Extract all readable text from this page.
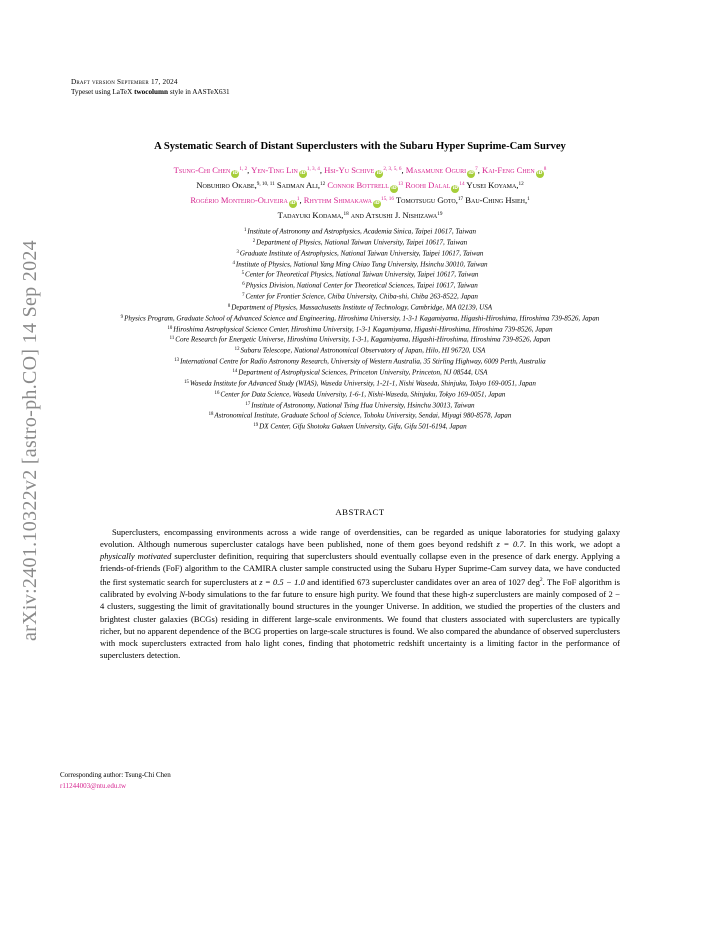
arXiv:2401.10322v2 [astro-ph.CO] 14 Sep 2024
Draft version September 17, 2024
Typeset using LaTeX twocolumn style in AASTeX631
A Systematic Search of Distant Superclusters with the Subaru Hyper Suprime-Cam Survey
Tsung-Chi Chen iD$^{1, 2}$, Yen-Ting Lin iD$^{1, 3, 4}$, Hsi-Yu Schive iD$^{2, 3, 5, 6}$, Masamune Oguri $iD^7$, Kai-Feng Chen $iD^8$
Nobuhiro Okabe,$^{9, 10, 11}$ Sadman Ali,$^{12}$ Connor Bottrell $iD^{13}$ Roohi Dalal $iD^{14}$ Yusei Koyama,$^{12}$
Rogério Monteiro-Oliveira $iD^1$, Rhythm Shimakawa iD$^{15, 16}$ Tomotsugu Goto,$^{17}$ Bau-Ching Hsieh,$^1$
Tadayuki Kodama,$^{18}$ and Atsushi J. Nishizawa$^{19}$
$^1$Institute of Astronomy and Astrophysics, Academia Sinica, Taipei 10617, Taiwan
$^2$Department of Physics, National Taiwan University, Taipei 10617, Taiwan
$^3$Graduate Institute of Astrophysics, National Taiwan University, Taipei 10617, Taiwan
$^4$Institute of Physics, National Yang Ming Chiao Tung University, Hsinchu 30010, Taiwan
$^5$Center for Theoretical Physics, National Taiwan University, Taipei 10617, Taiwan
$^6$Physics Division, National Center for Theoretical Sciences, Taipei 10617, Taiwan
$^7$Center for Frontier Science, Chiba University, Chiba-shi, Chiba 263-8522, Japan
$^8$Department of Physics, Massachusetts Institute of Technology, Cambridge, MA 02139, USA
$^9$Physics Program, Graduate School of Advanced Science and Engineering, Hiroshima University, 1-3-1 Kagamiyama, Higashi-Hiroshima, Hiroshima 739-8526, Japan
$^{10}$Hiroshima Astrophysical Science Center, Hiroshima University, 1-3-1 Kagamiyama, Higashi-Hiroshima, Hiroshima 739-8526, Japan
$^{11}$Core Research for Energetic Universe, Hiroshima University, 1-3-1, Kagamiyama, Higashi-Hiroshima, Hiroshima 739-8526, Japan
$^{12}$Subaru Telescope, National Astronomical Observatory of Japan, Hilo, HI 96720, USA
$^{13}$International Centre for Radio Astronomy Research, University of Western Australia, 35 Stirling Highway, 6009 Perth, Australia
$^{14}$Department of Astrophysical Sciences, Princeton University, Princeton, NJ 08544, USA
$^{15}$Waseda Institute for Advanced Study (WIAS), Waseda University, 1-21-1, Nishi Waseda, Shinjuku, Tokyo 169-0051, Japan
$^{16}$Center for Data Science, Waseda University, 1-6-1, Nishi-Waseda, Shinjuku, Tokyo 169-0051, Japan
$^{17}$Institute of Astronomy, National Tsing Hua University, Hsinchu 30013, Taiwan
$^{18}$Astronomical Institute, Graduate School of Science, Tohoku University, Sendai, Miyagi 980-8578, Japan
$^{19}$DX Center, Gifu Shotoku Gakuen University, Gifu, Gifu 501-6194, Japan
ABSTRACT
Superclusters, encompassing environments across a wide range of overdensities, can be regarded as unique laboratories for studying galaxy evolution. Although numerous supercluster catalogs have been published, none of them goes beyond redshift z = 0.7. In this work, we adopt a physically motivated supercluster definition, requiring that superclusters should eventually collapse even in the presence of dark energy. Applying a friends-of-friends (FoF) algorithm to the CAMIRA cluster sample constructed using the Subaru Hyper Suprime-Cam survey data, we have conducted the first systematic search for superclusters at z = 0.5 − 1.0 and identified 673 supercluster candidates over an area of 1027 deg$^2$. The FoF algorithm is calibrated by evolving N-body simulations to the far future to ensure high purity. We found that these high-z superclusters are mainly composed of 2 − 4 clusters, suggesting the limit of gravitationally bound structures in the younger Universe. In addition, we studied the properties of the clusters and brightest cluster galaxies (BCGs) residing in different large-scale environments. We found that clusters associated with superclusters are typically richer, but no apparent dependence of the BCG properties on large-scale structures is found. We also compared the abundance of observed superclusters with mock superclusters extracted from halo light cones, finding that photometric redshift uncertainty is a limiting factor in the performance of superclusters detection.
Corresponding author: Tsung-Chi Chen
r11244003@ntu.edu.tw
